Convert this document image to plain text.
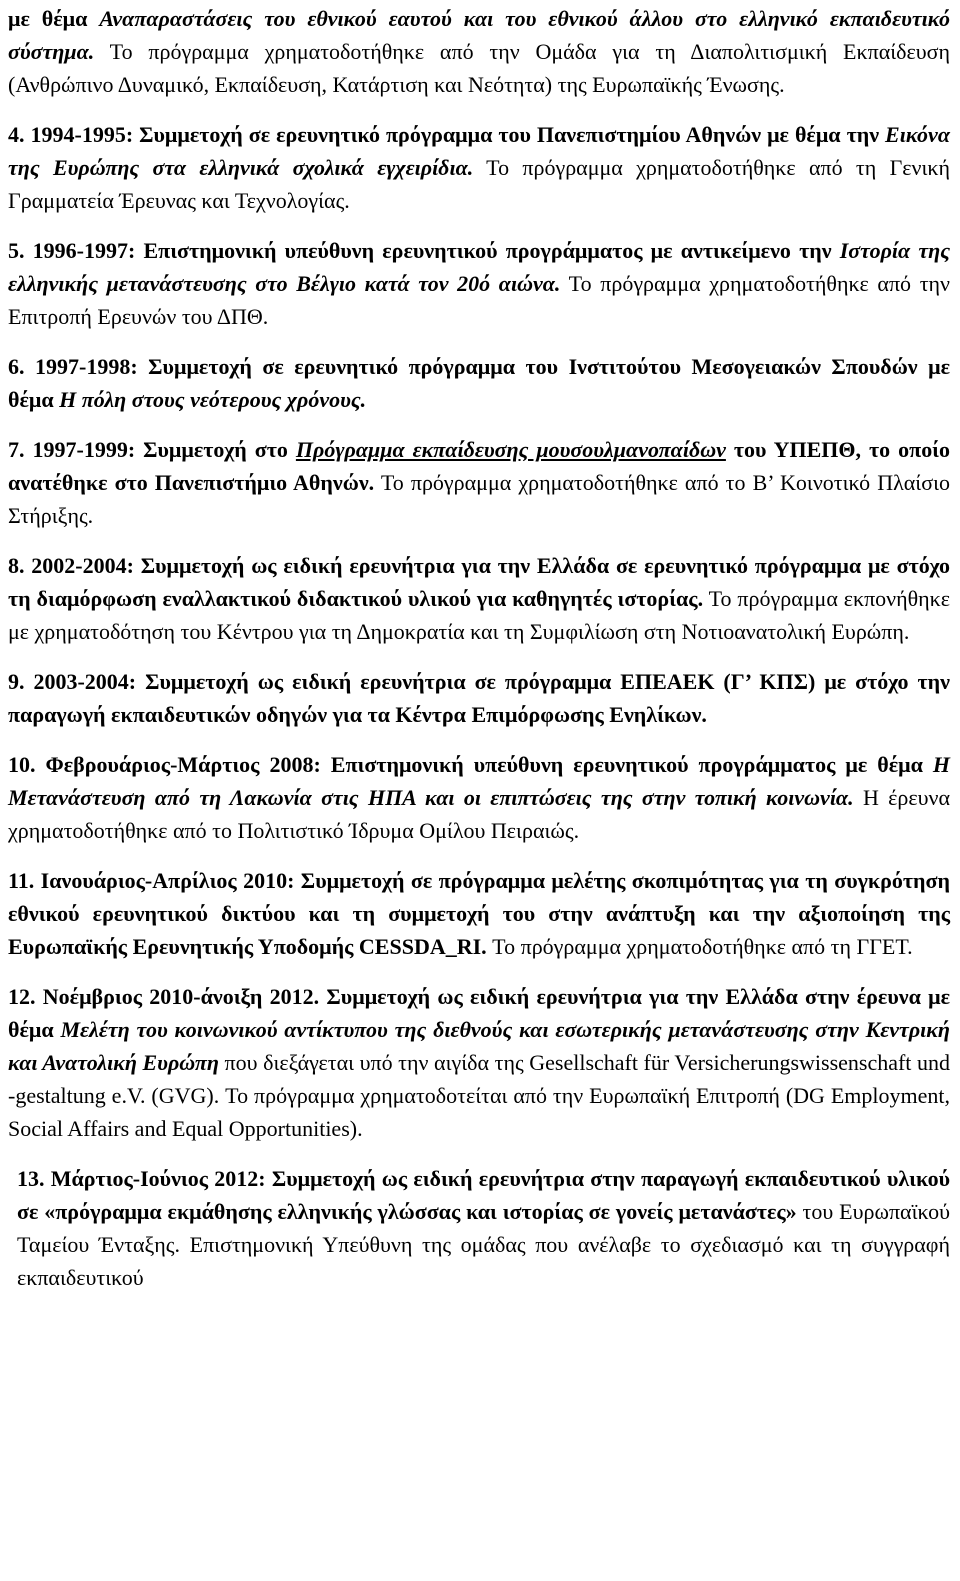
με θέμα Αναπαραστάσεις του εθνικού εαυτού και του εθνικού άλλου στο ελληνικό εκπαιδευτικό σύστημα. Το πρόγραμμα χρηματοδοτήθηκε από την Ομάδα για τη Διαπολιτισμική Εκπαίδευση (Ανθρώπινο Δυναμικό, Εκπαίδευση, Κατάρτιση και Νεότητα) της Ευρωπαϊκής Ένωσης.

4. 1994-1995: Συμμετοχή σε ερευνητικό πρόγραμμα του Πανεπιστημίου Αθηνών με θέμα την Εικόνα της Ευρώπης στα ελληνικά σχολικά εγχειρίδια. Το πρόγραμμα χρηματοδοτήθηκε από τη Γενική Γραμματεία Έρευνας και Τεχνολογίας.

5. 1996-1997: Επιστημονική υπεύθυνη ερευνητικού προγράμματος με αντικείμενο την Ιστορία της ελληνικής μετανάστευσης στο Βέλγιο κατά τον 20ό αιώνα. Το πρόγραμμα χρηματοδοτήθηκε από την Επιτροπή Ερευνών του ΔΠΘ.

6. 1997-1998: Συμμετοχή σε ερευνητικό πρόγραμμα του Ινστιτούτου Μεσογειακών Σπουδών με θέμα Η πόλη στους νεότερους χρόνους.

7. 1997-1999: Συμμετοχή στο Πρόγραμμα εκπαίδευσης μουσουλμανοπαίδων του ΥΠΕΠΘ, το οποίο ανατέθηκε στο Πανεπιστήμιο Αθηνών. Το πρόγραμμα χρηματοδοτήθηκε από το Β’ Κοινοτικό Πλαίσιο Στήριξης.

8. 2002-2004: Συμμετοχή ως ειδική ερευνήτρια για την Ελλάδα σε ερευνητικό πρόγραμμα με στόχο τη διαμόρφωση εναλλακτικού διδακτικού υλικού για καθηγητές ιστορίας. Το πρόγραμμα εκπονήθηκε με χρηματοδότηση του Κέντρου για τη Δημοκρατία και τη Συμφιλίωση στη Νοτιοανατολική Ευρώπη.

9. 2003-2004: Συμμετοχή ως ειδική ερευνήτρια σε πρόγραμμα ΕΠΕΑΕΚ (Γ’ ΚΠΣ) με στόχο την παραγωγή εκπαιδευτικών οδηγών για τα Κέντρα Επιμόρφωσης Ενηλίκων.

10. Φεβρουάριος-Μάρτιος 2008: Επιστημονική υπεύθυνη ερευνητικού προγράμματος με θέμα Η Μετανάστευση από τη Λακωνία στις ΗΠΑ και οι επιπτώσεις της στην τοπική κοινωνία. Η έρευνα χρηματοδοτήθηκε από το Πολιτιστικό Ίδρυμα Ομίλου Πειραιώς.

11. Ιανουάριος-Απρίλιος 2010: Συμμετοχή σε πρόγραμμα μελέτης σκοπιμότητας για τη συγκρότηση εθνικού ερευνητικού δικτύου και τη συμμετοχή του στην ανάπτυξη και την αξιοποίηση της Ευρωπαϊκής Ερευνητικής Υποδομής CESSDA_RI. Το πρόγραμμα χρηματοδοτήθηκε από τη ΓΓΕΤ.

12. Νοέμβριος 2010-άνοιξη 2012. Συμμετοχή ως ειδική ερευνήτρια για την Ελλάδα στην έρευνα με θέμα Μελέτη του κοινωνικού αντίκτυπου της διεθνούς και εσωτερικής μετανάστευσης στην Κεντρική και Ανατολική Ευρώπη που διεξάγεται υπό την αιγίδα της Gesellschaft für Versicherungswissenschaft und -gestaltung e.V. (GVG). Το πρόγραμμα χρηματοδοτείται από την Ευρωπαϊκή Επιτροπή (DG Employment, Social Affairs and Equal Opportunities).

13. Μάρτιος-Ιούνιος 2012: Συμμετοχή ως ειδική ερευνήτρια στην παραγωγή εκπαιδευτικού υλικού σε «πρόγραμμα εκμάθησης ελληνικής γλώσσας και ιστορίας σε γονείς μετανάστες» του Ευρωπαϊκού Ταμείου Ένταξης. Επιστημονική Υπεύθυνη της ομάδας που ανέλαβε το σχεδιασμό και τη συγγραφή εκπαιδευτικού
